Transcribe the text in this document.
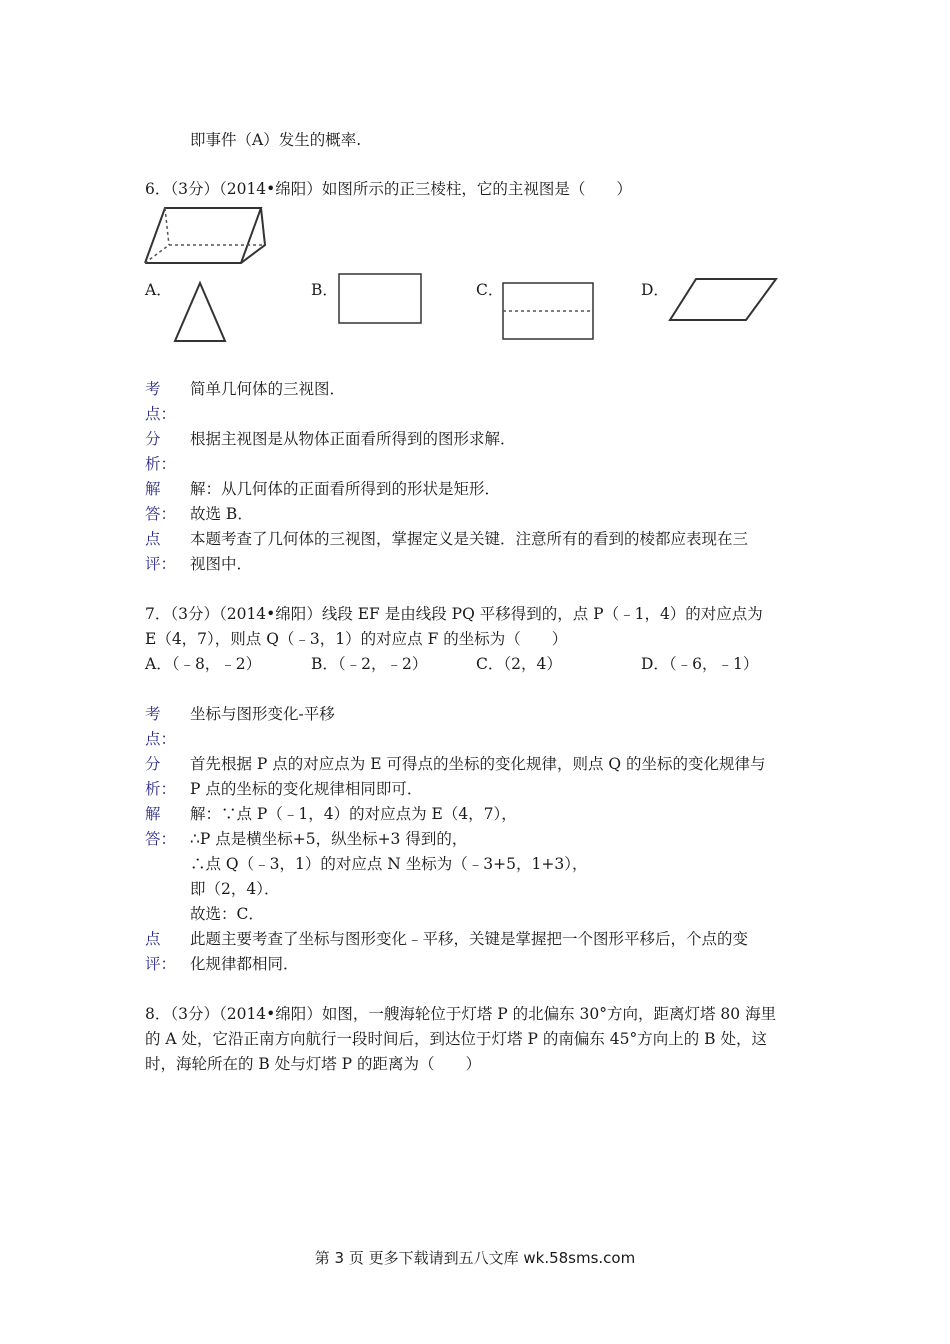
即事件（A）发生的概率.
6．（3分）（2014•绵阳）如图所示的正三棱柱，它的主视图是（　　）
A．	B．	C．	D．
考
点：
简单几何体的三视图．
分
析：
根据主视图是从物体正面看所得到的图形求解．
解
答：
解：从几何体的正面看所得到的形状是矩形．
故选 B．
点
评：
本题考查了几何体的三视图，掌握定义是关键．注意所有的看到的棱都应表现在三
视图中．
7．（3分）（2014•绵阳）线段 EF 是由线段 PQ 平移得到的，点 P（﹣1，4）的对应点为
E（4，7），则点 Q（﹣3，1）的对应点 F 的坐标为（　　）
A．（﹣8，﹣2）	B．（﹣2，﹣2）	C．（2，4）	D．（﹣6，﹣1）
考
点：
坐标与图形变化-平移
分
析：
首先根据 P 点的对应点为 E 可得点的坐标的变化规律，则点 Q 的坐标的变化规律与
P 点的坐标的变化规律相同即可．
解
答：
解：∵点 P（﹣1，4）的对应点为 E（4，7），
∴P 点是横坐标+5，纵坐标+3 得到的，
∴点 Q（﹣3，1）的对应点 N 坐标为（﹣3+5，1+3），
即（2，4）．
故选：C．
点
评：
此题主要考查了坐标与图形变化﹣平移，关键是掌握把一个图形平移后，个点的变
化规律都相同．
8．（3分）（2014•绵阳）如图，一艘海轮位于灯塔 P 的北偏东 30°方向，距离灯塔 80 海里
的 A 处，它沿正南方向航行一段时间后，到达位于灯塔 P 的南偏东 45°方向上的 B 处，这
时，海轮所在的 B 处与灯塔 P 的距离为（　　）
第 3 页 更多下载请到五八文库 wk.58sms.com
